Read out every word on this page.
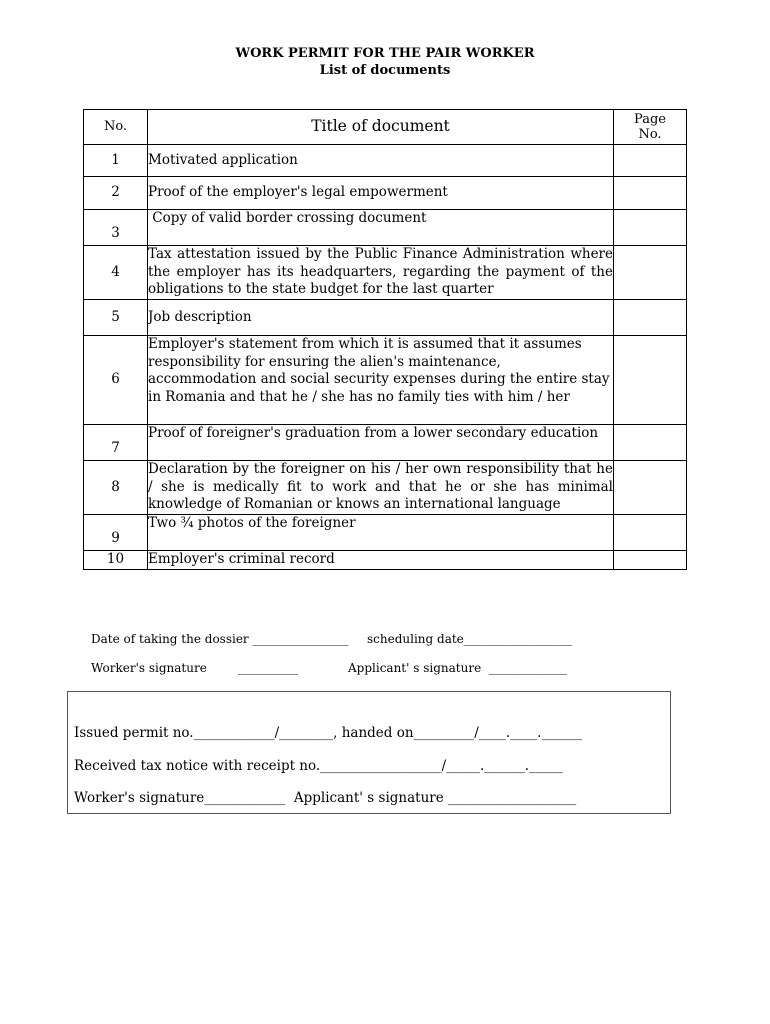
WORK PERMIT FOR THE PAIR WORKER
List of documents
No.	Title of document	Page
No.
1	Motivated application	
2	Proof of the employer's legal empowerment	
3	Copy of valid border crossing document	
4	Tax attestation issued by the Public Finance Administration where the employer has its headquarters, regarding the payment of the obligations to the state budget for the last quarter	
5	Job description	
6	Employer's statement from which it is assumed that it assumes responsibility for ensuring the alien's maintenance, accommodation and social security expenses during the entire stay in Romania and that he / she has no family ties with him / her	
7	Proof of foreigner's graduation from a lower secondary education	
8	Declaration by the foreigner on his / her own responsibility that he / she is medically fit to work and that he or she has minimal knowledge of Romanian or knows an international language	
9	Two ¾ photos of the foreigner	
10	Employer's criminal record	
Date of taking the dossier ________________ scheduling date__________________
Worker's signature	__________	Applicant' s signature _____________
Issued permit no.____________/________, handed on_________/____.____.______
Received tax notice with receipt no.__________________/_____.______._____
Worker's signature____________ Applicant' s signature ___________________
